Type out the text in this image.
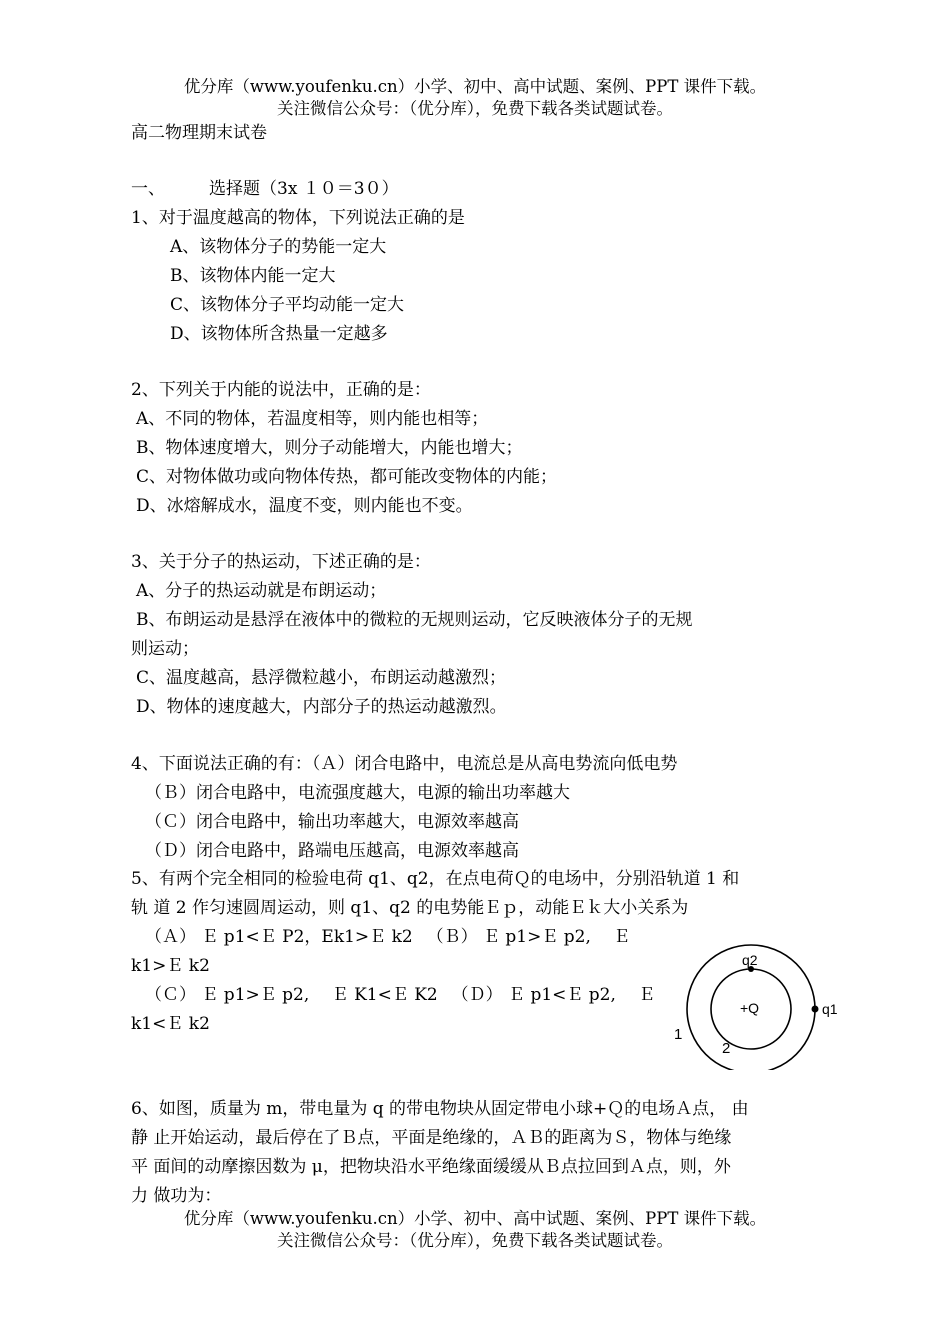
优分库（www.youfenku.cn）小学、初中、高中试题、案例、PPT 课件下载。
关注微信公众号：（优分库），免费下载各类试题试卷。
高二物理期末试卷
一、	选择题（3x １０＝3０）
1、对于温度越高的物体，下列说法正确的是
A、该物体分子的势能一定大
B、该物体内能一定大
C、该物体分子平均动能一定大
D、该物体所含热量一定越多
2、下列关于内能的说法中，正确的是：
A、不同的物体，若温度相等，则内能也相等；
B、物体速度增大，则分子动能增大，内能也增大；
C、对物体做功或向物体传热，都可能改变物体的内能；
D、冰熔解成水，温度不变，则内能也不变。
3、关于分子的热运动，下述正确的是：
A、分子的热运动就是布朗运动；
B、布朗运动是悬浮在液体中的微粒的无规则运动，它反映液体分子的无规
则运动；
C、温度越高，悬浮微粒越小，布朗运动越激烈；
D、物体的速度越大，内部分子的热运动越激烈。
4、下面说法正确的有：（Ａ）闭合电路中，电流总是从高电势流向低电势
（Ｂ）闭合电路中，电流强度越大，电源的输出功率越大
（Ｃ）闭合电路中，输出功率越大，电源效率越高
（Ｄ）闭合电路中，路端电压越高，电源效率越高
5、有两个完全相同的检验电荷 q1、q2，在点电荷Ｑ的电场中，分别沿轨道 1 和
轨 道 2 作匀速圆周运动，则 q1、q2 的电势能Ｅｐ，动能Ｅｋ大小关系为
（Ａ） Ｅ p1<Ｅ P2，Ek1>Ｅ k2 　（Ｂ） Ｅ p1>Ｅ p2, 　Ｅ
k1>Ｅ k2
（Ｃ） Ｅ p1>Ｅ p2, 　Ｅ K1<Ｅ K2 　（Ｄ） Ｅ p1<Ｅ p2, 　Ｅ
k1<Ｅ k2
+Q
q2
q1
1
2
6、如图，质量为 m，带电量为 q 的带电物块从固定带电小球+Ｑ的电场Ａ点， 由
静 止开始运动，最后停在了Ｂ点，平面是绝缘的，ＡＢ的距离为Ｓ，物体与绝缘
平 面间的动摩擦因数为 μ，把物块沿水平绝缘面缓缓从Ｂ点拉回到Ａ点，则，外
力 做功为：
优分库（www.youfenku.cn）小学、初中、高中试题、案例、PPT 课件下载。
关注微信公众号：（优分库），免费下载各类试题试卷。
